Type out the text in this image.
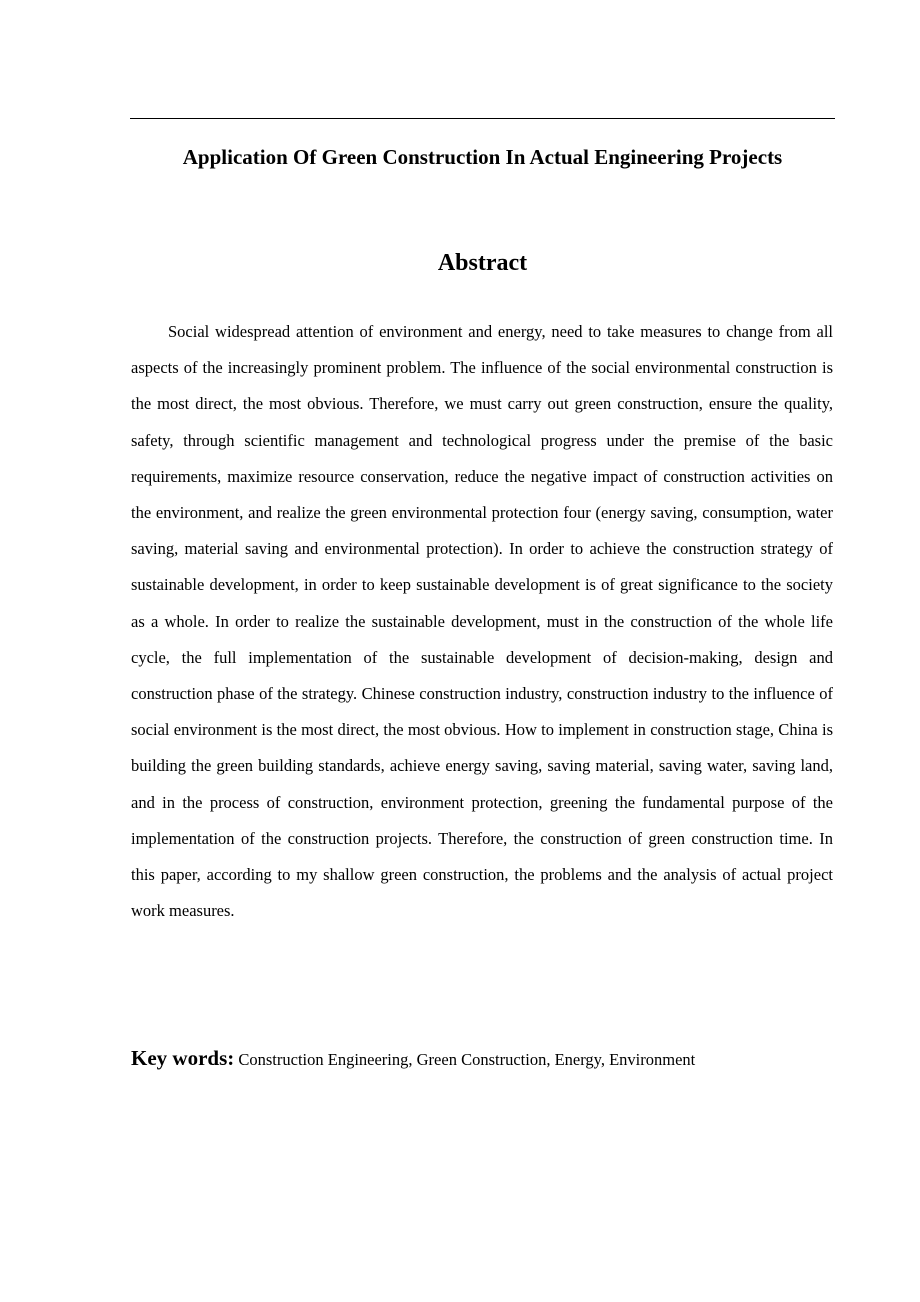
Application Of Green Construction In Actual Engineering Projects
Abstract

Social widespread attention of environment and energy, need to take measures to change from all aspects of the increasingly prominent problem. The influence of the social environmental construction is the most direct, the most obvious. Therefore, we must carry out green construction, ensure the quality, safety, through scientific management and technological progress under the premise of the basic requirements, maximize resource conservation, reduce the negative impact of construction activities on the environment, and realize the green environmental protection four (energy saving, consumption, water saving, material saving and environmental protection). In order to achieve the construction strategy of sustainable development, in order to keep sustainable development is of great significance to the society as a whole. In order to realize the sustainable development, must in the construction of the whole life cycle, the full implementation of the sustainable development of decision-making, design and construction phase of the strategy. Chinese construction industry, construction industry to the influence of social environment is the most direct, the most obvious. How to implement in construction stage, China is building the green building standards, achieve energy saving, saving material, saving water, saving land, and in the process of construction, environment protection, greening the fundamental purpose of the implementation of the construction projects. Therefore, the construction of green construction time. In this paper, according to my shallow green construction, the problems and the analysis of actual project work measures.

Key words: Construction Engineering, Green Construction, Energy, Environment
